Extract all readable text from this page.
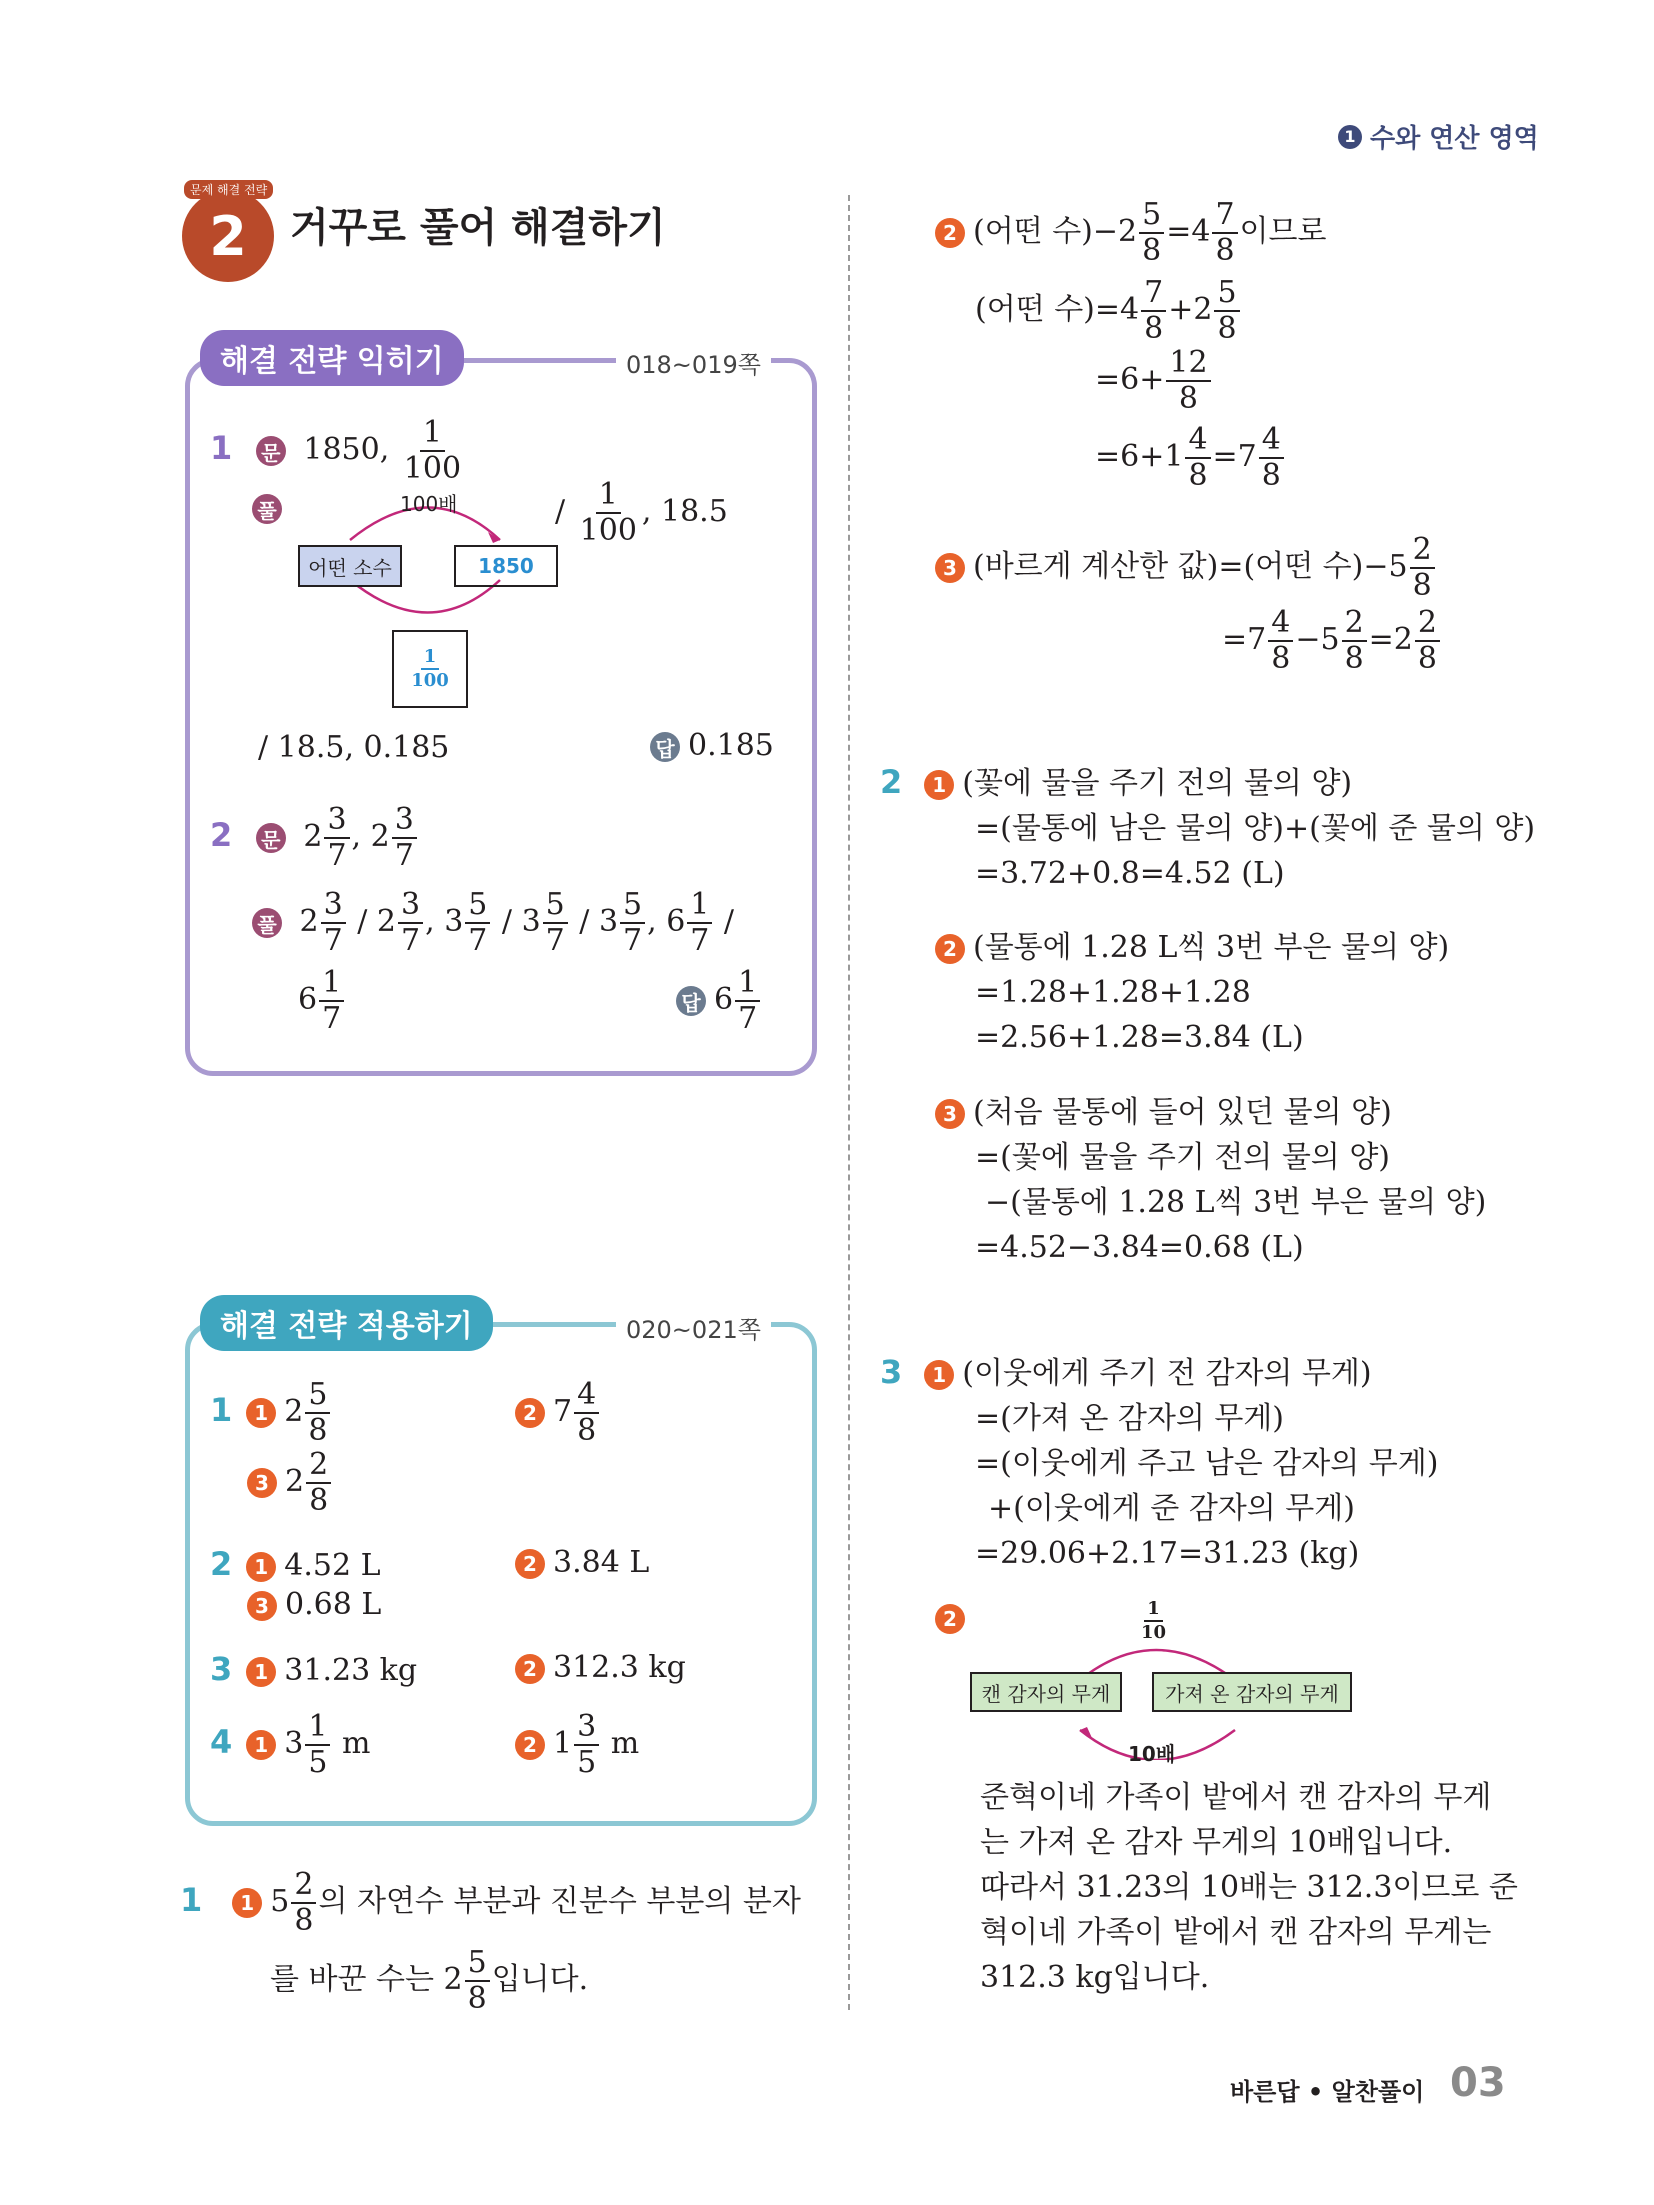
1 수와 연산 영역
2
문제 해결 전략
거꾸로 풀어 해결하기
해결 전략 익히기	018~019쪽
1 문 1850, $\frac{1}{100}$
풀	100배
어떤 소수	1850
$\frac{1}{100}$
/ $\frac{1}{100}$ , 18.5
/ 18.5, 0.185	답 0.185
2 문 $2 \frac{3}{7}$ , $2 \frac{3}{7}$
풀 $2 \frac{3}{7} / 2 \frac{3}{7}$ , $3 \frac{5}{7} / 3 \frac{5}{7} / 3 \frac{5}{7}$ , $6 \frac{1}{7}$ /
$6 \frac{1}{7}$	답 $6 \frac{1}{7}$
해결 전략 적용하기	020~021쪽
1 1 $2 \frac{5}{8}$	2 $7 \frac{4}{8}$
3 $2 \frac{2}{8}$
2 1 4.52 L	2 3.84 L
3 0.68 L
3 1 31.23 kg	2 312.3 kg
4 1 $3 \frac{1}{5}$ m	2 $1 \frac{3}{5}$ m
1 1 $5 \frac{2}{8}$ 의 자연수 부분과 진분수 부분의 분자
를 바꾼 수는 $2 \frac{5}{8}$ 입니다.
2 (어떤 수)$-2 \frac{5}{8} =4 \frac{7}{8}$ 이므로
(어떤 수)$=4 \frac{7}{8} +2 \frac{5}{8}$
$=6+ \frac{12}{8}$
$=6+1 \frac{4}{8} =7 \frac{4}{8}$
3 (바르게 계산한 값)=(어떤 수)$-5 \frac{2}{8}$
$=7 \frac{4}{8} -5 \frac{2}{8} =2 \frac{2}{8}$
2 1 (꽃에 물을 주기 전의 물의 양)
=(물통에 남은 물의 양)+(꽃에 준 물의 양)
=3.72+0.8=4.52 (L)
2 (물통에 1.28 L씩 3번 부은 물의 양)
=1.28+1.28+1.28
=2.56+1.28=3.84 (L)
3 (처음 물통에 들어 있던 물의 양)
=(꽃에 물을 주기 전의 물의 양)
−(물통에 1.28 L씩 3번 부은 물의 양)
=4.52−3.84=0.68 (L)
3 1 (이웃에게 주기 전 감자의 무게)
=(가져 온 감자의 무게)
=(이웃에게 주고 남은 감자의 무게)
+(이웃에게 준 감자의 무게)
=29.06+2.17=31.23 (kg)
2	$\frac{1}{10}$
캔 감자의 무게	가져 온 감자의 무게
10배
준혁이네 가족이 밭에서 캔 감자의 무게
는 가져 온 감자 무게의 10배입니다.
따라서 31.23의 10배는 312.3이므로 준
혁이네 가족이 밭에서 캔 감자의 무게는
312.3 kg입니다.
바른답 • 알찬풀이 03
